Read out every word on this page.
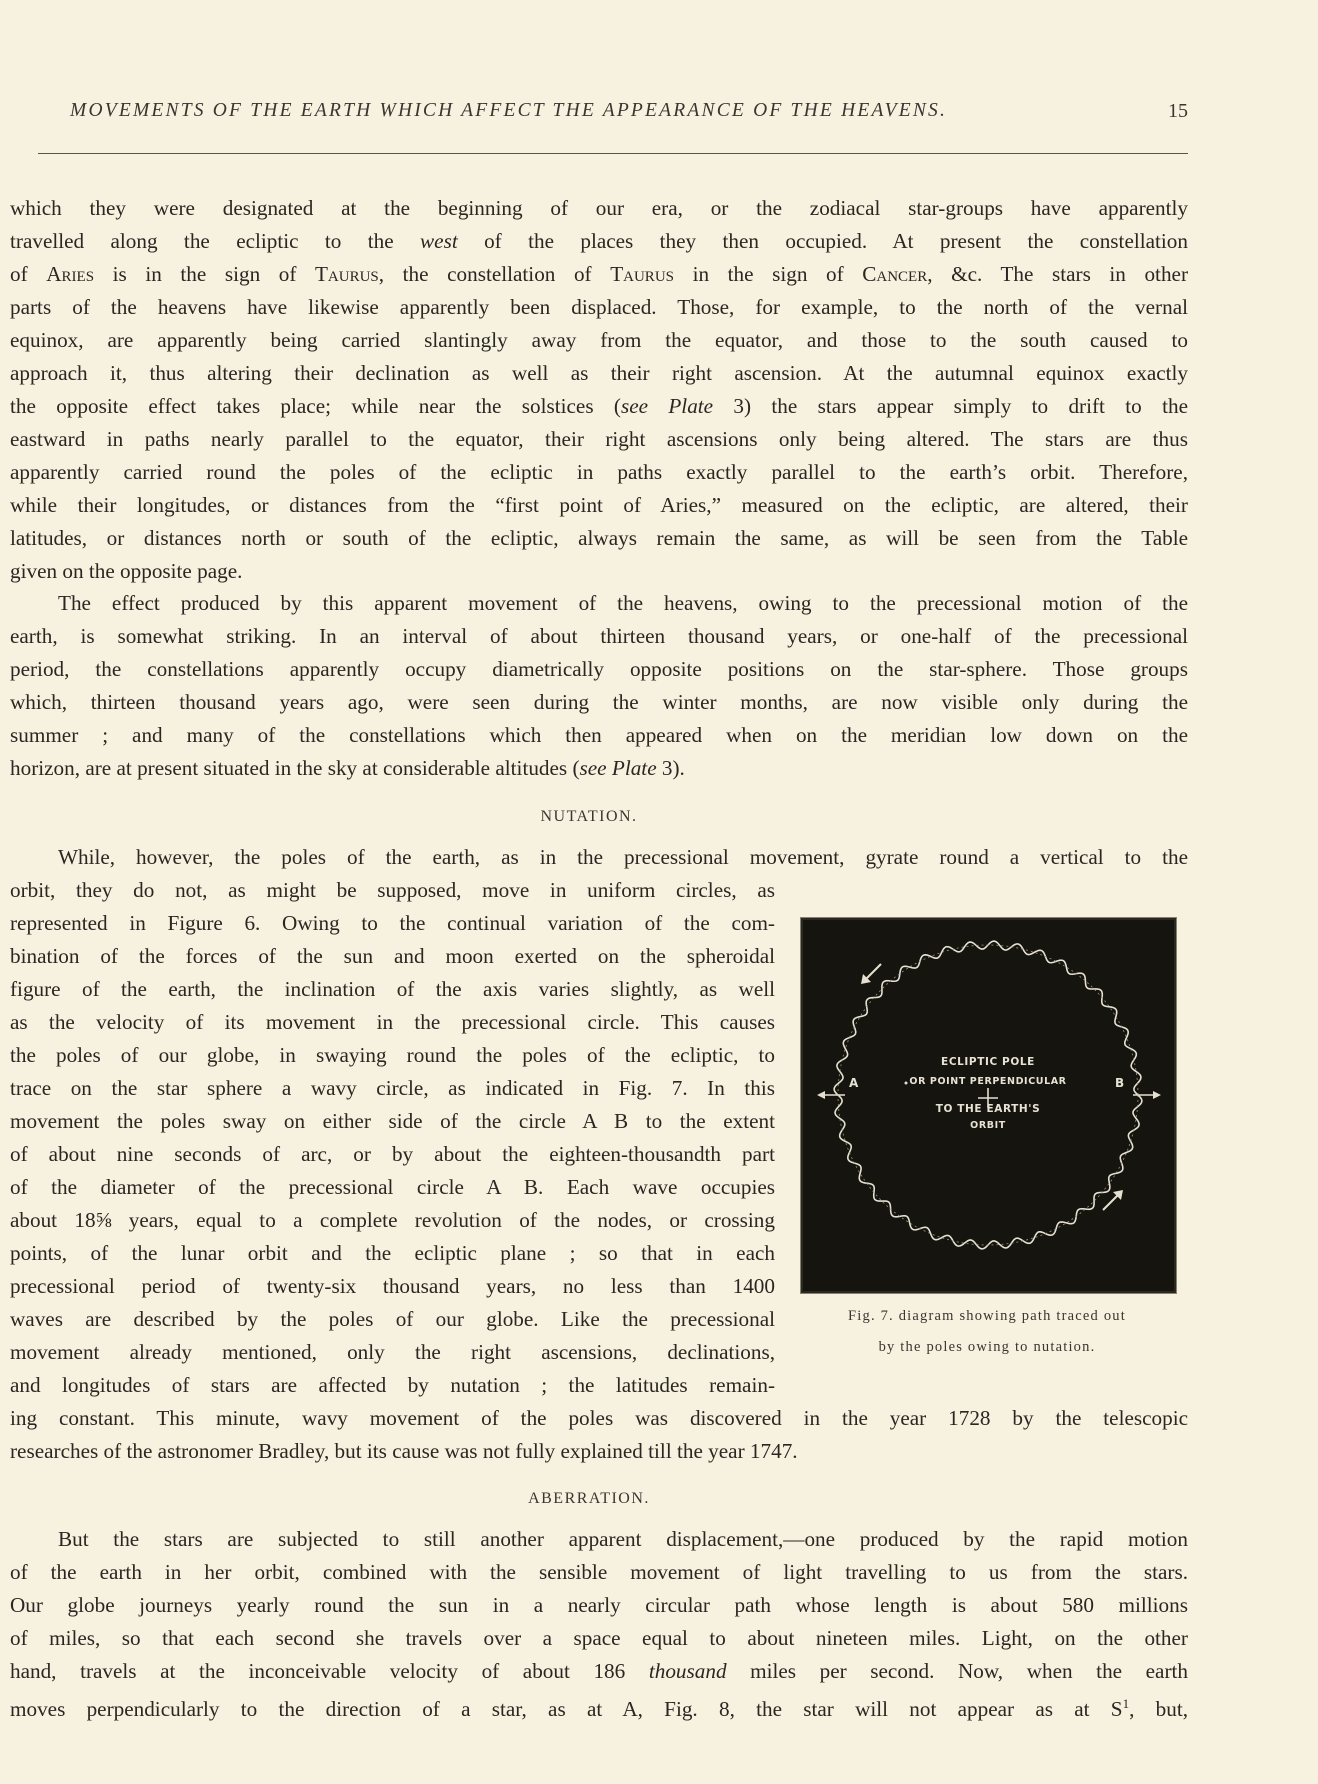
MOVEMENTS OF THE EARTH WHICH AFFECT THE APPEARANCE OF THE HEAVENS.	15
which they were designated at the beginning of our era, or the zodiacal star-groups have apparently
travelled along the ecliptic to the west of the places they then occupied. At present the constellation
of Aries is in the sign of Taurus, the constellation of Taurus in the sign of Cancer, &c. The stars in other
parts of the heavens have likewise apparently been displaced. Those, for example, to the north of the vernal
equinox, are apparently being carried slantingly away from the equator, and those to the south caused to
approach it, thus altering their declination as well as their right ascension. At the autumnal equinox exactly
the opposite effect takes place; while near the solstices (see Plate 3) the stars appear simply to drift to the
eastward in paths nearly parallel to the equator, their right ascensions only being altered. The stars are thus
apparently carried round the poles of the ecliptic in paths exactly parallel to the earth’s orbit. Therefore,
while their longitudes, or distances from the “first point of Aries,” measured on the ecliptic, are altered, their
latitudes, or distances north or south of the ecliptic, always remain the same, as will be seen from the Table
given on the opposite page.
The effect produced by this apparent movement of the heavens, owing to the precessional motion of the
earth, is somewhat striking. In an interval of about thirteen thousand years, or one-half of the precessional
period, the constellations apparently occupy diametrically opposite positions on the star-sphere. Those groups
which, thirteen thousand years ago, were seen during the winter months, are now visible only during the
summer ; and many of the constellations which then appeared when on the meridian low down on the
horizon, are at present situated in the sky at considerable altitudes (see Plate 3).
NUTATION.
While, however, the poles of the earth, as in the precessional movement, gyrate round a vertical to the
orbit, they do not, as might be supposed, move in uniform circles, as
represented in Figure 6. Owing to the continual variation of the com-
bination of the forces of the sun and moon exerted on the spheroidal
figure of the earth, the inclination of the axis varies slightly, as well
as the velocity of its movement in the precessional circle. This causes
the poles of our globe, in swaying round the poles of the ecliptic, to
trace on the star sphere a wavy circle, as indicated in Fig. 7. In this
movement the poles sway on either side of the circle A B to the extent
of about nine seconds of arc, or by about the eighteen-thousandth part
of the diameter of the precessional circle A B. Each wave occupies
about 18⅝ years, equal to a complete revolution of the nodes, or crossing
points, of the lunar orbit and the ecliptic plane ; so that in each
precessional period of twenty-six thousand years, no less than 1400
waves are described by the poles of our globe. Like the precessional
movement already mentioned, only the right ascensions, declinations,
and longitudes of stars are affected by nutation ; the latitudes remain-
ing constant. This minute, wavy movement of the poles was discovered in the year 1728 by the telescopic
researches of the astronomer Bradley, but its cause was not fully explained till the year 1747.
A	B
ECLIPTIC POLE
OR POINT PERPENDICULAR
TO THE EARTH'S
ORBIT
Fig. 7. diagram showing path traced out
by the poles owing to nutation.
ABERRATION.
But the stars are subjected to still another apparent displacement,—one produced by the rapid motion
of the earth in her orbit, combined with the sensible movement of light travelling to us from the stars.
Our globe journeys yearly round the sun in a nearly circular path whose length is about 580 millions
of miles, so that each second she travels over a space equal to about nineteen miles. Light, on the other
hand, travels at the inconceivable velocity of about 186 thousand miles per second. Now, when the earth
moves perpendicularly to the direction of a star, as at A, Fig. 8, the star will not appear as at $S^1$, but,
